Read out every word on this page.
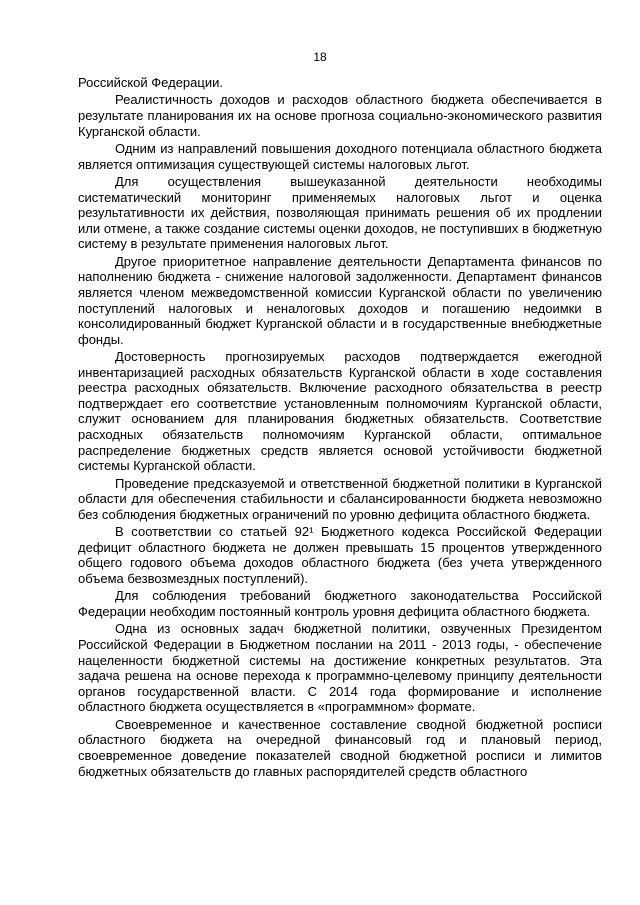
18

Российской Федерации.

Реалистичность доходов и расходов областного бюджета обеспечивается в результате планирования их на основе прогноза социально-экономического развития Курганской области.

Одним из направлений повышения доходного потенциала областного бюджета является оптимизация существующей системы налоговых льгот.

Для осуществления вышеуказанной деятельности необходимы систематический мониторинг применяемых налоговых льгот и оценка результативности их действия, позволяющая принимать решения об их продлении или отмене, а также создание системы оценки доходов, не поступивших в бюджетную систему в результате применения налоговых льгот.

Другое приоритетное направление деятельности Департамента финансов по наполнению бюджета - снижение налоговой задолженности. Департамент финансов является членом межведомственной комиссии Курганской области по увеличению поступлений налоговых и неналоговых доходов и погашению недоимки в консолидированный бюджет Курганской области и в государственные внебюджетные фонды.

Достоверность прогнозируемых расходов подтверждается ежегодной инвентаризацией расходных обязательств Курганской области в ходе составления реестра расходных обязательств. Включение расходного обязательства в реестр подтверждает его соответствие установленным полномочиям Курганской области, служит основанием для планирования бюджетных обязательств. Соответствие расходных обязательств полномочиям Курганской области, оптимальное распределение бюджетных средств является основой устойчивости бюджетной системы Курганской области.

Проведение предсказуемой и ответственной бюджетной политики в Курганской области для обеспечения стабильности и сбалансированности бюджета невозможно без соблюдения бюджетных ограничений по уровню дефицита областного бюджета.

В соответствии со статьей 92¹ Бюджетного кодекса Российской Федерации дефицит областного бюджета не должен превышать 15 процентов утвержденного общего годового объема доходов областного бюджета (без учета утвержденного объема безвозмездных поступлений).

Для соблюдения требований бюджетного законодательства Российской Федерации необходим постоянный контроль уровня дефицита областного бюджета.

Одна из основных задач бюджетной политики, озвученных Президентом Российской Федерации в Бюджетном послании на 2011 - 2013 годы, - обеспечение нацеленности бюджетной системы на достижение конкретных результатов. Эта задача решена на основе перехода к программно-целевому принципу деятельности органов государственной власти. С 2014 года формирование и исполнение областного бюджета осуществляется в «программном» формате.

Своевременное и качественное составление сводной бюджетной росписи областного бюджета на очередной финансовый год и плановый период, своевременное доведение показателей сводной бюджетной росписи и лимитов бюджетных обязательств до главных распорядителей средств областного
